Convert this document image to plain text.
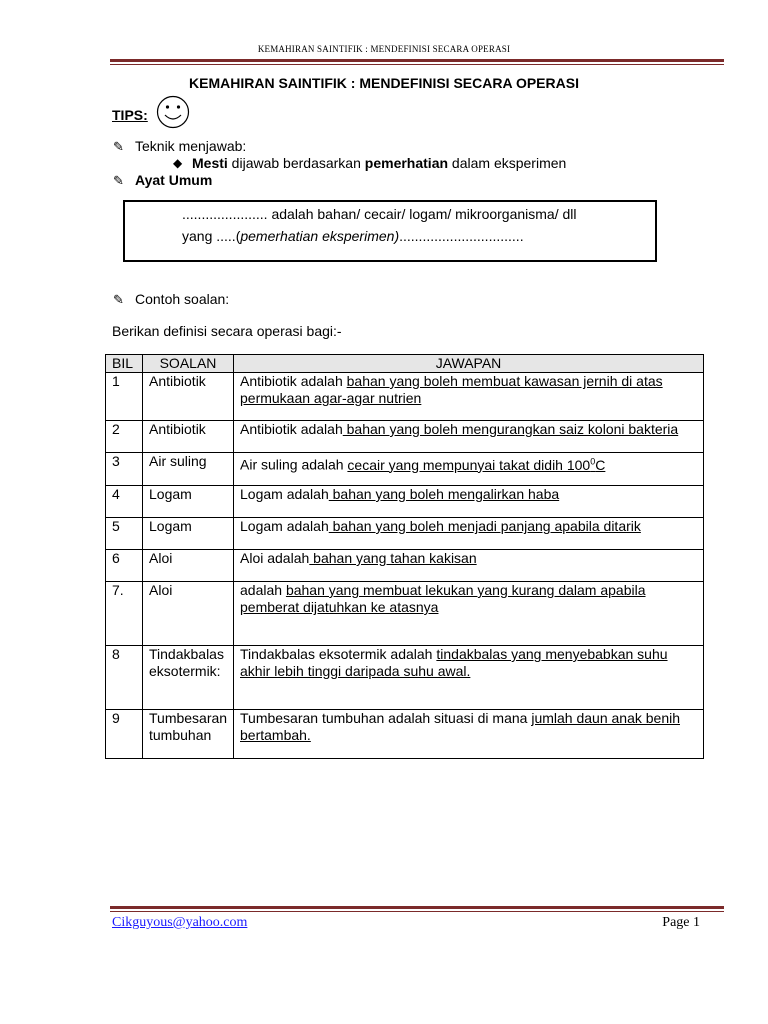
KEMAHIRAN SAINTIFIK : MENDEFINISI SECARA OPERASI
KEMAHIRAN SAINTIFIK : MENDEFINISI SECARA OPERASI
TIPS:
✎ Teknik menjawab:
◆ Mesti dijawab berdasarkan pemerhatian dalam eksperimen
✎ Ayat Umum
...................... adalah bahan/ cecair/ logam/ mikroorganisma/ dll
yang .....(pemerhatian eksperimen)................................
✎ Contoh soalan:
Berikan definisi secara operasi bagi:-
BIL	SOALAN	JAWAPAN
1	Antibiotik	Antibiotik adalah bahan yang boleh membuat kawasan jernih di atas permukaan agar-agar nutrien
2	Antibiotik	Antibiotik adalah bahan yang boleh mengurangkan saiz koloni bakteria
3	Air suling	Air suling adalah cecair yang mempunyai takat didih $100^0C$
4	Logam	Logam adalah bahan yang boleh mengalirkan haba
5	Logam	Logam adalah bahan yang boleh menjadi panjang apabila ditarik
6	Aloi	Aloi adalah bahan yang tahan kakisan
7.	Aloi	adalah bahan yang membuat lekukan yang kurang dalam apabila pemberat dijatuhkan ke atasnya
8	Tindakbalas eksotermik:	Tindakbalas eksotermik adalah tindakbalas yang menyebabkan suhu akhir lebih tinggi daripada suhu awal.
9	Tumbesaran tumbuhan	Tumbesaran tumbuhan adalah situasi di mana jumlah daun anak benih bertambah.
Cikguyous@yahoo.com	Page 1
